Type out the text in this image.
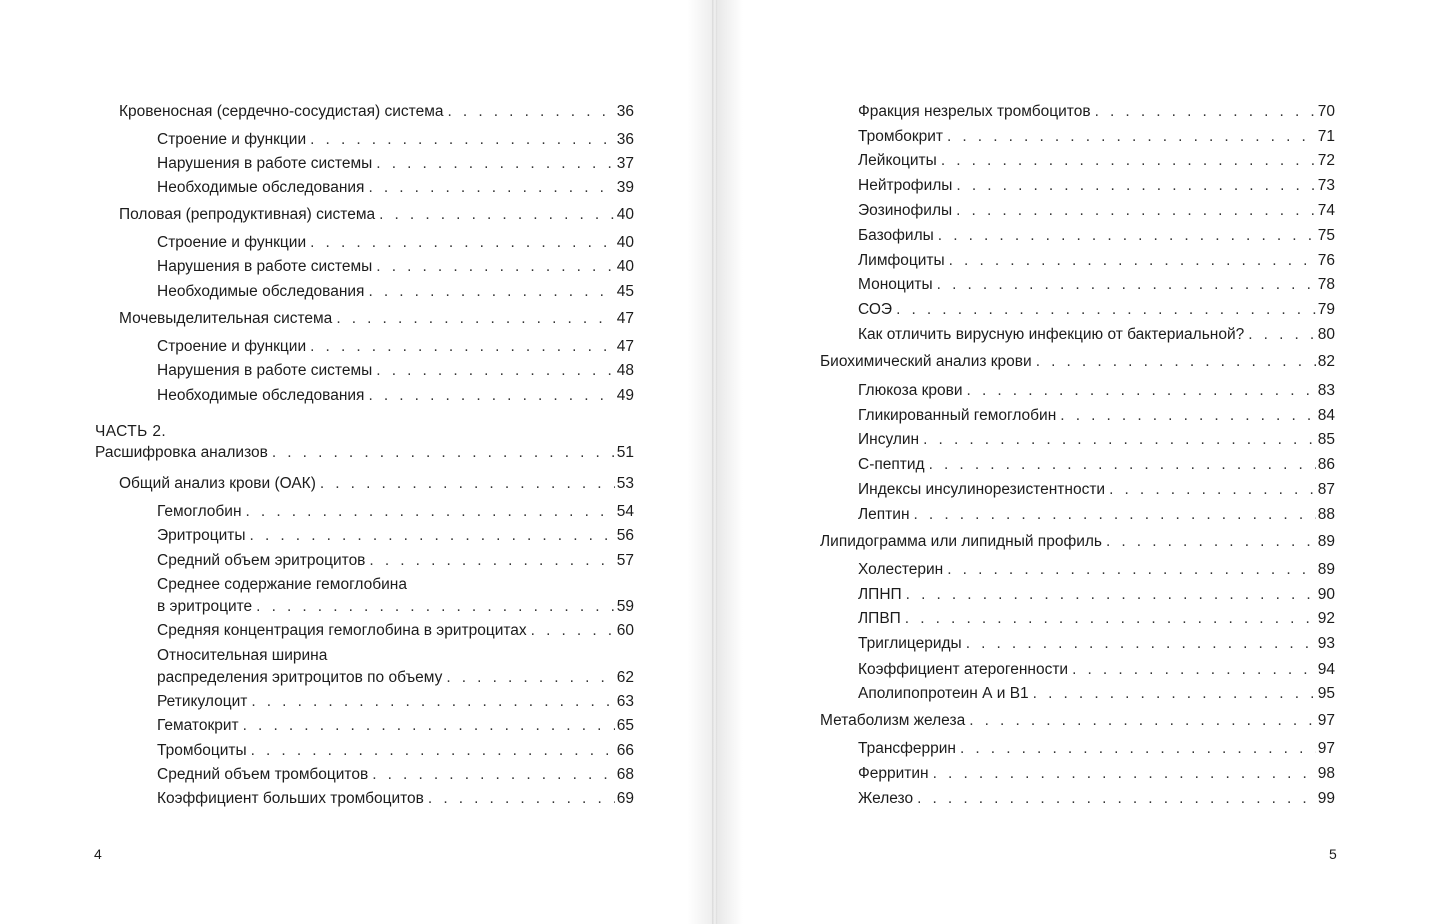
ЧАСТЬ 2.
4
Кровеносная (сердечно-сосудистая) система . . .	36
Строение и функции . . .	36
Нарушения в работе системы . . .	37
Необходимые обследования . . .	39
Половая (репродуктивная) система . . .	40
Строение и функции . . .	40
Нарушения в работе системы . . .	40
Необходимые обследования . . .	45
Мочевыделительная система . . .	47
Строение и функции . . .	47
Нарушения в работе системы . . .	48
Необходимые обследования . . .	49
Расшифровка анализов . . .	51
Общий анализ крови (ОАК) . . .	53
Гемоглобин . . .	54
Эритроциты . . .	56
Средний объем эритроцитов . . .	57
Среднее содержание гемоглобина
в эритроците . . .	59
Средняя концентрация гемоглобина в эритроцитах . . .	60
Относительная ширина
распределения эритроцитов по объему . . .	62
Ретикулоцит . . .	63
Гематокрит . . .	65
Тромбоциты . . .	66
Средний объем тромбоцитов . . .	68
Коэффициент больших тромбоцитов . . .	69
5
Фракция незрелых тромбоцитов . . .	70
Тромбокрит . . .	71
Лейкоциты . . .	72
Нейтрофилы . . .	73
Эозинофилы . . .	74
Базофилы . . .	75
Лимфоциты . . .	76
Моноциты . . .	78
СОЭ . . .	79
Как отличить вирусную инфекцию от бактериальной? . . .	80
Биохимический анализ крови . . .	82
Глюкоза крови . . .	83
Гликированный гемоглобин . . .	84
Инсулин . . .	85
С-пептид . . .	86
Индексы инсулинорезистентности . . .	87
Лептин . . .	88
Липидограмма или липидный профиль . . .	89
Холестерин . . .	89
ЛПНП . . .	90
ЛПВП . . .	92
Триглицериды . . .	93
Коэффициент атерогенности . . .	94
Аполипопротеин А и В1 . . .	95
Метаболизм железа . . .	97
Трансферрин . . .	97
Ферритин . . .	98
Железо . . .	99
